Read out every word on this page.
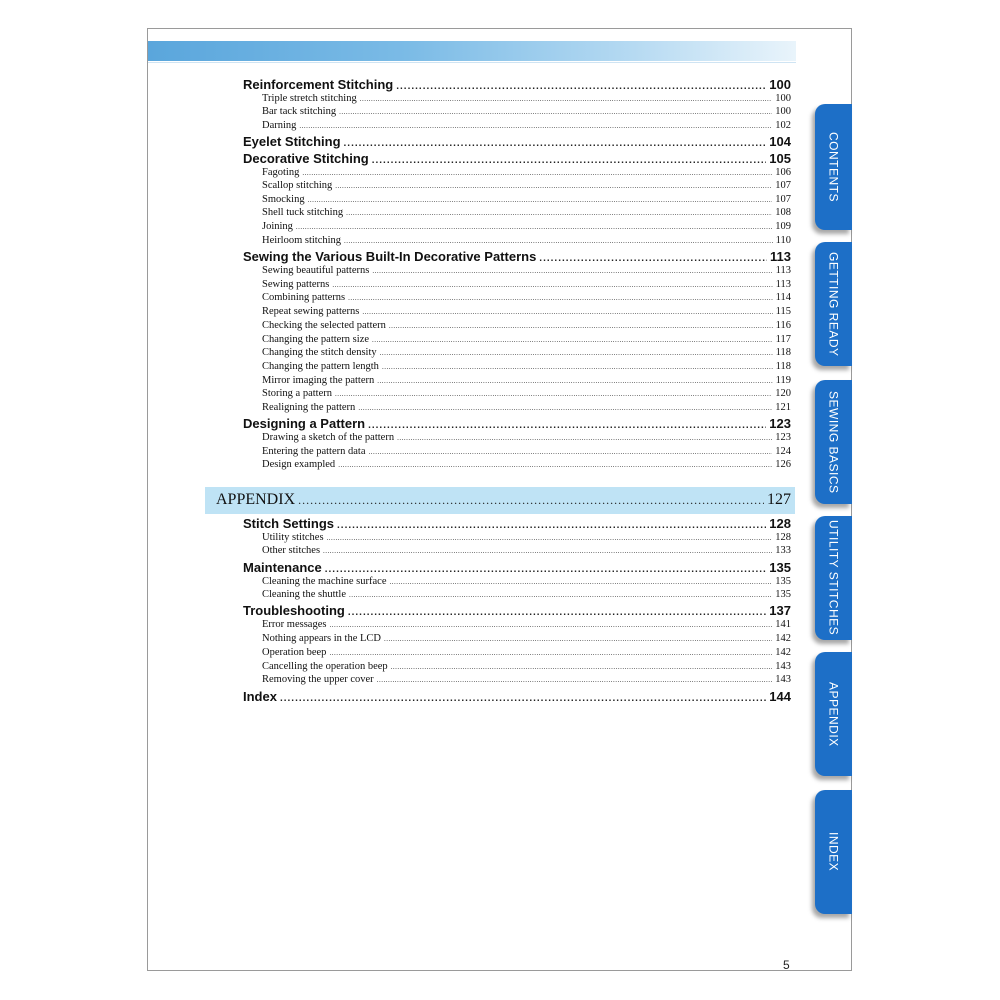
Reinforcement Stitching .....	100
Triple stretch stitching .....	100
Bar tack stitching .....	100
Darning .....	102
Eyelet Stitching .....	104
Decorative Stitching .....	105
Fagoting .....	106
Scallop stitching .....	107
Smocking .....	107
Shell tuck stitching .....	108
Joining .....	109
Heirloom stitching .....	110
Sewing the Various Built-In Decorative Patterns .....	113
Sewing beautiful patterns .....	113
Sewing patterns .....	113
Combining patterns .....	114
Repeat sewing patterns .....	115
Checking the selected pattern .....	116
Changing the pattern size .....	117
Changing the stitch density .....	118
Changing the pattern length .....	118
Mirror imaging the pattern .....	119
Storing a pattern .....	120
Realigning the pattern .....	121
Designing a Pattern .....	123
Drawing a sketch of the pattern .....	123
Entering the pattern data .....	124
Design exampled .....	126
APPENDIX .....	127
Stitch Settings .....	128
Utility stitches .....	128
Other stitches .....	133
Maintenance .....	135
Cleaning the machine surface .....	135
Cleaning the shuttle .....	135
Troubleshooting .....	137
Error messages .....	141
Nothing appears in the LCD .....	142
Operation beep .....	142
Cancelling the operation beep .....	143
Removing the upper cover .....	143
Index .....	144
CONTENTS
GETTING READY
SEWING BASICS
UTILITY STITCHES
APPENDIX
INDEX
5
